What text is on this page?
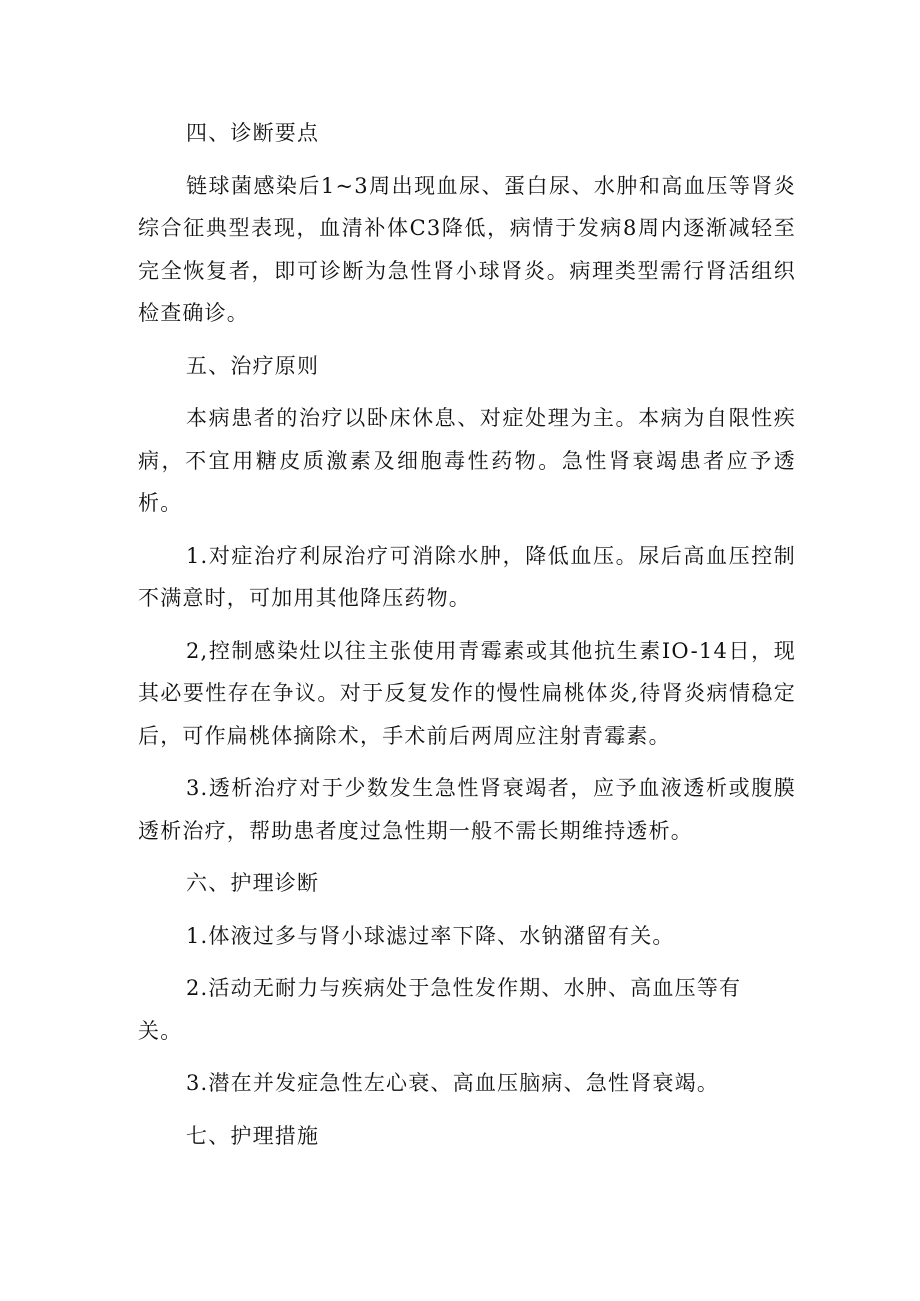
四、诊断要点

链球菌感染后1~3周出现血尿、蛋白尿、水肿和高血压等肾炎综合征典型表现，血清补体C3降低，病情于发病8周内逐渐减轻至完全恢复者，即可诊断为急性肾小球肾炎。病理类型需行肾活组织检查确诊。

五、治疗原则

本病患者的治疗以卧床休息、对症处理为主。本病为自限性疾病，不宜用糖皮质激素及细胞毒性药物。急性肾衰竭患者应予透析。

1.对症治疗利尿治疗可消除水肿，降低血压。尿后高血压控制不满意时，可加用其他降压药物。

2,控制感染灶以往主张使用青霉素或其他抗生素IO-14日，现其必要性存在争议。对于反复发作的慢性扁桃体炎,待肾炎病情稳定后，可作扁桃体摘除术，手术前后两周应注射青霉素。

3.透析治疗对于少数发生急性肾衰竭者，应予血液透析或腹膜透析治疗，帮助患者度过急性期一般不需长期维持透析。

六、护理诊断

1.体液过多与肾小球滤过率下降、水钠潴留有关。

2.活动无耐力与疾病处于急性发作期、水肿、高血压等有关。

3.潜在并发症急性左心衰、高血压脑病、急性肾衰竭。

七、护理措施
